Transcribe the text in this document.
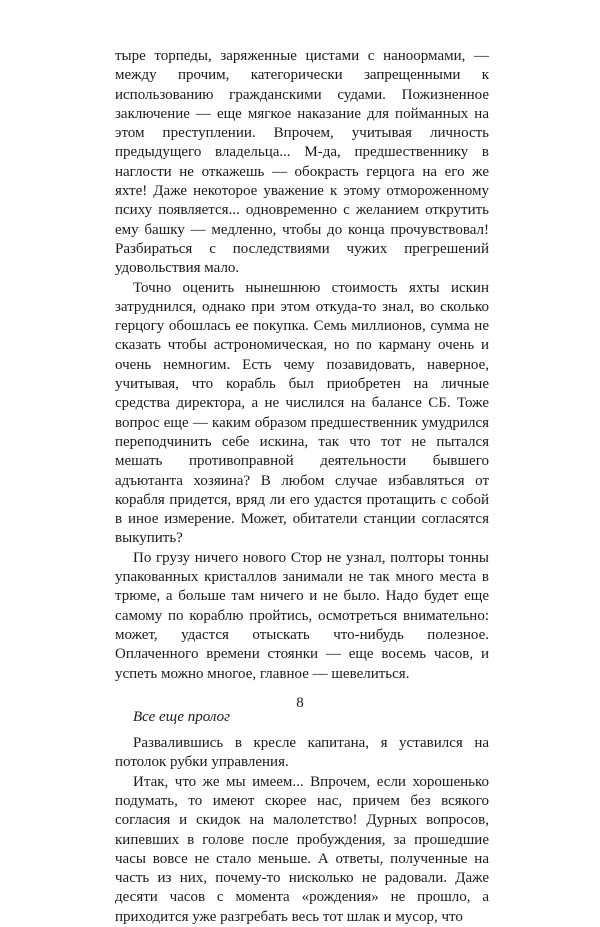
тыре торпеды, заряженные цистами с наноормами, — между прочим, категорически запрещенными к использованию гражданскими судами. Пожизненное заключение — еще мягкое наказание для пойманных на этом преступлении. Впрочем, учитывая личность предыдущего владельца... М-да, предшественнику в наглости не откажешь — обокрасть герцога на его же яхте! Даже некоторое уважение к этому отмороженному психу появляется... одновременно с желанием открутить ему башку — медленно, чтобы до конца прочувствовал! Разбираться с последствиями чужих прегрешений удовольствия мало.

Точно оценить нынешнюю стоимость яхты искин затруднился, однако при этом откуда-то знал, во сколько герцогу обошлась ее покупка. Семь миллионов, сумма не сказать чтобы астрономическая, но по карману очень и очень немногим. Есть чему позавидовать, наверное, учитывая, что корабль был приобретен на личные средства директора, а не числился на балансе СБ. Тоже вопрос еще — каким образом предшественник умудрился переподчинить себе искина, так что тот не пытался мешать противоправной деятельности бывшего адъютанта хозяина? В любом случае избавляться от корабля придется, вряд ли его удастся протащить с собой в иное измерение. Может, обитатели станции согласятся выкупить?

По грузу ничего нового Стор не узнал, полторы тонны упакованных кристаллов занимали не так много места в трюме, а больше там ничего и не было. Надо будет еще самому по кораблю пройтись, осмотреться внимательно: может, удастся отыскать что-нибудь полезное. Оплаченного времени стоянки — еще восемь часов, и успеть можно многое, главное — шевелиться.

Все еще пролог

Развалившись в кресле капитана, я уставился на потолок рубки управления.

Итак, что же мы имеем... Впрочем, если хорошенько подумать, то имеют скорее нас, причем без всякого согласия и скидок на малолетство! Дурных вопросов, кипевших в голове после пробуждения, за прошедшие часы вовсе не стало меньше. А ответы, полученные на часть из них, почему-то нисколько не радовали. Даже десяти часов с момента «рождения» не прошло, а приходится уже разгребать весь тот шлак и мусор, что

8
